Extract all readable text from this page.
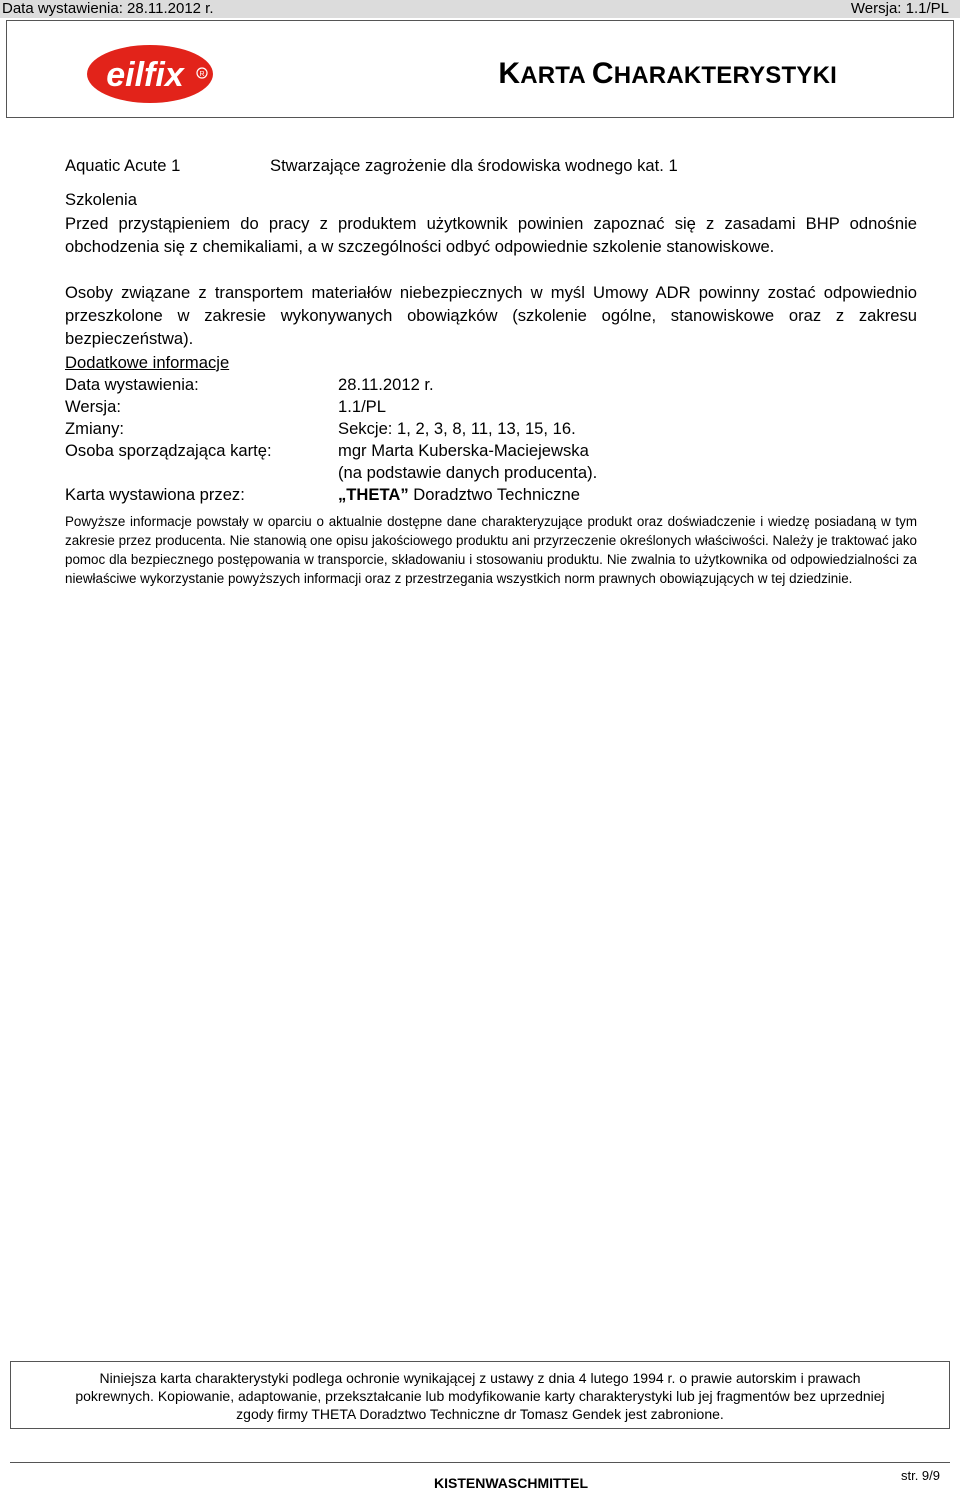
Data wystawienia: 28.11.2012 r.	Wersja: 1.1/PL
eilfix R	KARTA CHARAKTERYSTYKI
Aquatic Acute 1	Stwarzające zagrożenie dla środowiska wodnego kat. 1
Szkolenia
Przed przystąpieniem do pracy z produktem użytkownik powinien zapoznać się z zasadami BHP odnośnie obchodzenia się z chemikaliami, a w szczególności odbyć odpowiednie szkolenie stanowiskowe.
Osoby związane z transportem materiałów niebezpiecznych w myśl Umowy ADR powinny zostać odpowiednio przeszkolone w zakresie wykonywanych obowiązków (szkolenie ogólne, stanowiskowe oraz z zakresu bezpieczeństwa).
Dodatkowe informacje
Data wystawienia:	28.11.2012 r.
Wersja:	1.1/PL
Zmiany:	Sekcje: 1, 2, 3, 8, 11, 13, 15, 16.
Osoba sporządzająca kartę:	mgr Marta Kuberska-Maciejewska
(na podstawie danych producenta).
Karta wystawiona przez:	„THETA” Doradztwo Techniczne
Powyższe informacje powstały w oparciu o aktualnie dostępne dane charakteryzujące produkt oraz doświadczenie i wiedzę posiadaną w tym zakresie przez producenta. Nie stanowią one opisu jakościowego produktu ani przyrzeczenie określonych właściwości. Należy je traktować jako pomoc dla bezpiecznego postępowania w transporcie, składowaniu i stosowaniu produktu. Nie zwalnia to użytkownika od odpowiedzialności za niewłaściwe wykorzystanie powyższych informacji oraz z przestrzegania wszystkich norm prawnych obowiązujących w tej dziedzinie.
Niniejsza karta charakterystyki podlega ochronie wynikającej z ustawy z dnia 4 lutego 1994 r. o prawie autorskim i prawach
pokrewnych. Kopiowanie, adaptowanie, przekształcanie lub modyfikowanie karty charakterystyki lub jej fragmentów bez uprzedniej
zgody firmy THETA Doradztwo Techniczne dr Tomasz Gendek jest zabronione.
KISTENWASCHMITTEL	str. 9/9
